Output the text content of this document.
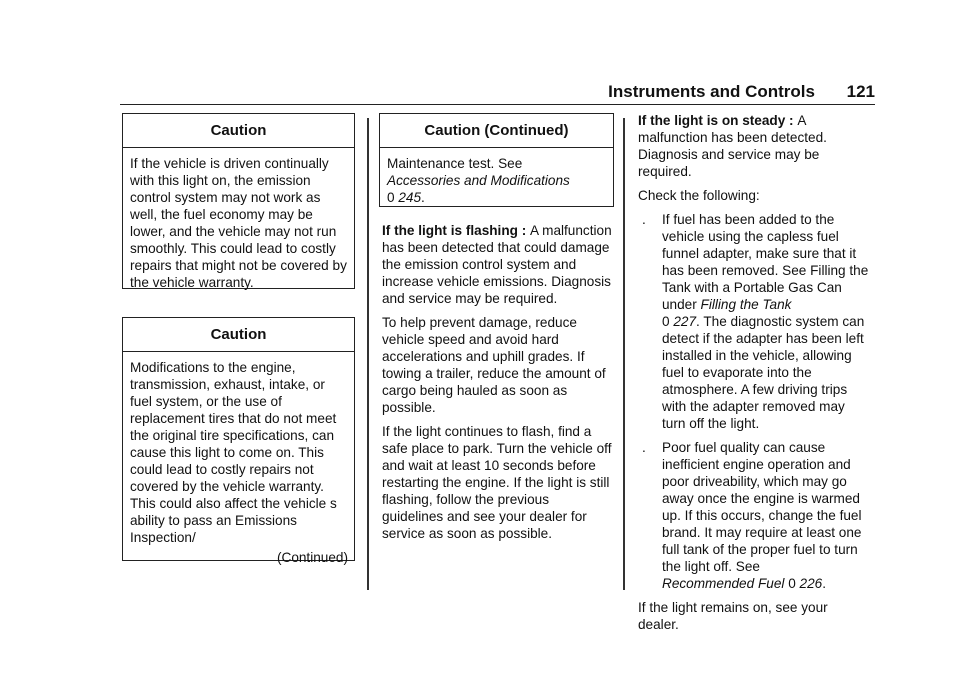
Instruments and Controls 121
Caution
If the vehicle is driven continually with this light on, the emission control system may not work as well, the fuel economy may be lower, and the vehicle may not run smoothly. This could lead to costly repairs that might not be covered by the vehicle warranty.
Caution
Modifications to the engine, transmission, exhaust, intake, or fuel system, or the use of replacement tires that do not meet the original tire specifications, can cause this light to come on. This could lead to costly repairs not covered by the vehicle warranty. This could also affect the vehicle s ability to pass an Emissions Inspection/
(Continued)
Caution (Continued)
Maintenance test. See
Accessories and Modifications
0 245.

If the light is flashing : A malfunction has been detected that could damage the emission control system and increase vehicle emissions. Diagnosis and service may be required.

To help prevent damage, reduce vehicle speed and avoid hard accelerations and uphill grades. If towing a trailer, reduce the amount of cargo being hauled as soon as possible.

If the light continues to flash, find a safe place to park. Turn the vehicle off and wait at least 10 seconds before restarting the engine. If the light is still flashing, follow the previous guidelines and see your dealer for service as soon as possible.

If the light is on steady : A malfunction has been detected. Diagnosis and service may be required.

Check the following:

. If fuel has been added to the vehicle using the capless fuel funnel adapter, make sure that it has been removed. See Filling the Tank with a Portable Gas Can under Filling the Tank
0 227. The diagnostic system can detect if the adapter has been left installed in the vehicle, allowing fuel to evaporate into the atmosphere. A few driving trips with the adapter removed may turn off the light.
. Poor fuel quality can cause inefficient engine operation and poor driveability, which may go away once the engine is warmed up. If this occurs, change the fuel brand. It may require at least one full tank of the proper fuel to turn the light off. See
Recommended Fuel 0 226.

If the light remains on, see your dealer.
